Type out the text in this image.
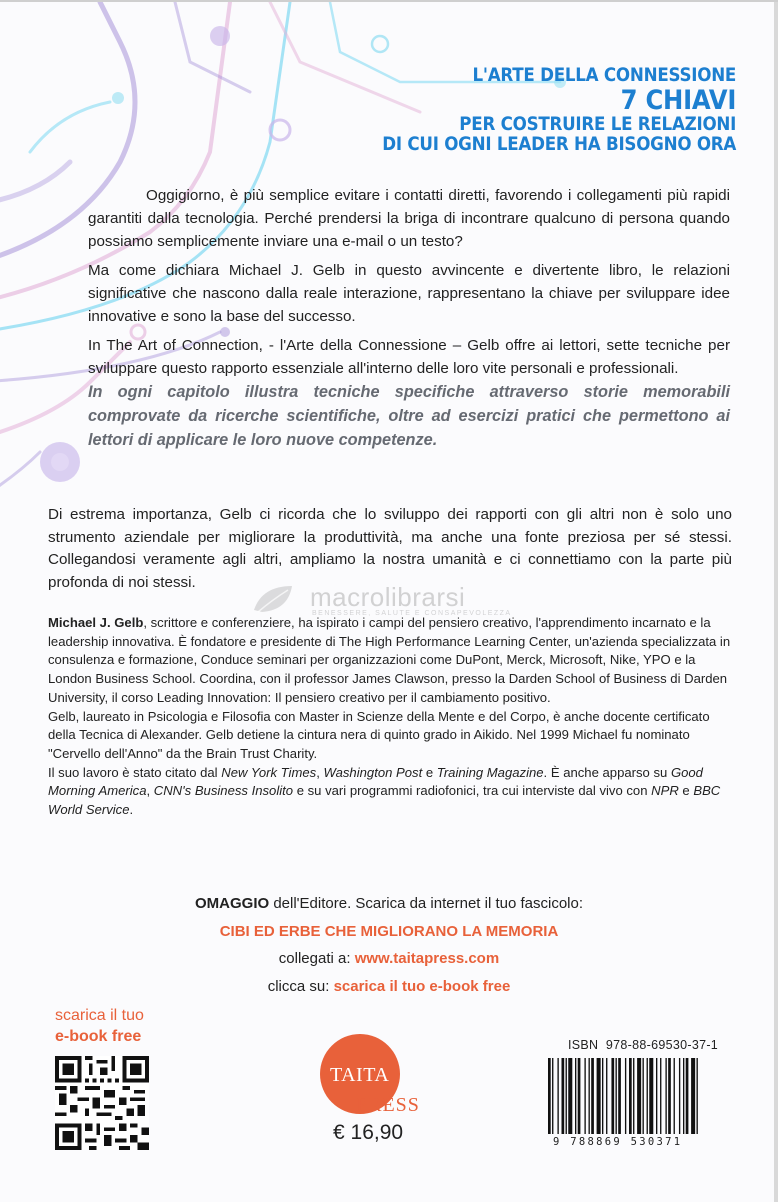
L'ARTE DELLA CONNESSIONE
7 CHIAVI
PER COSTRUIRE LE RELAZIONI
DI CUI OGNI LEADER HA BISOGNO ORA

Oggigiorno, è più semplice evitare i contatti diretti, favorendo i collegamenti più rapidi garantiti dalla tecnologia. Perché prendersi la briga di incontrare qualcuno di persona quando possiamo semplicemente inviare una e-mail o un testo?

Ma come dichiara Michael J. Gelb in questo avvincente e divertente libro, le relazioni significative che nascono dalla reale interazione, rappresentano la chiave per sviluppare idee innovative e sono la base del successo.

In The Art of Connection, - l'Arte della Connessione – Gelb offre ai lettori, sette tecniche per sviluppare questo rapporto essenziale all'interno delle loro vite personali e professionali.

In ogni capitolo illustra tecniche specifiche attraverso storie memorabili comprovate da ricerche scientifiche, oltre ad esercizi pratici che permettono ai lettori di applicare le loro nuove competenze.
Di estrema importanza, Gelb ci ricorda che lo sviluppo dei rapporti con gli altri non è solo uno strumento aziendale per migliorare la produttività, ma anche una fonte preziosa per sé stessi. Collegandosi veramente agli altri, ampliamo la nostra umanità e ci connettiamo con la parte più profonda di noi stessi.	macrolibrarsi
BENESSERE, SALUTE E CONSAPEVOLEZZA

Michael J. Gelb, scrittore e conferenziere, ha ispirato i campi del pensiero creativo, l'apprendimento incarnato e la leadership innovativa. È fondatore e presidente di The High Performance Learning Center, un'azienda specializzata in consulenza e formazione, Conduce seminari per organizzazioni come DuPont, Merck, Microsoft, Nike, YPO e la London Business School. Coordina, con il professor James Clawson, presso la Darden School of Business di Darden University, il corso Leading Innovation: Il pensiero creativo per il cambiamento positivo.

Gelb, laureato in Psicologia e Filosofia con Master in Scienze della Mente e del Corpo, è anche docente certificato della Tecnica di Alexander. Gelb detiene la cintura nera di quinto grado in Aikido. Nel 1999 Michael fu nominato "Cervello dell'Anno" da the Brain Trust Charity.

Il suo lavoro è stato citato dal New York Times, Washington Post e Training Magazine. È anche apparso su Good Morning America, CNN's Business Insolito e su vari programmi radiofonici, tra cui interviste dal vivo con NPR e BBC World Service.

OMAGGIO dell'Editore. Scarica da internet il tuo fascicolo:
CIBI ED ERBE CHE MIGLIORANO LA MEMORIA
collegati a: www.taitapress.com
clicca su: scarica il tuo e-book free
scarica il tuo
e-book free
TAITA
PRESS
€ 16,90
ISBN 978-88-69530-37-1
9 788869 530371
